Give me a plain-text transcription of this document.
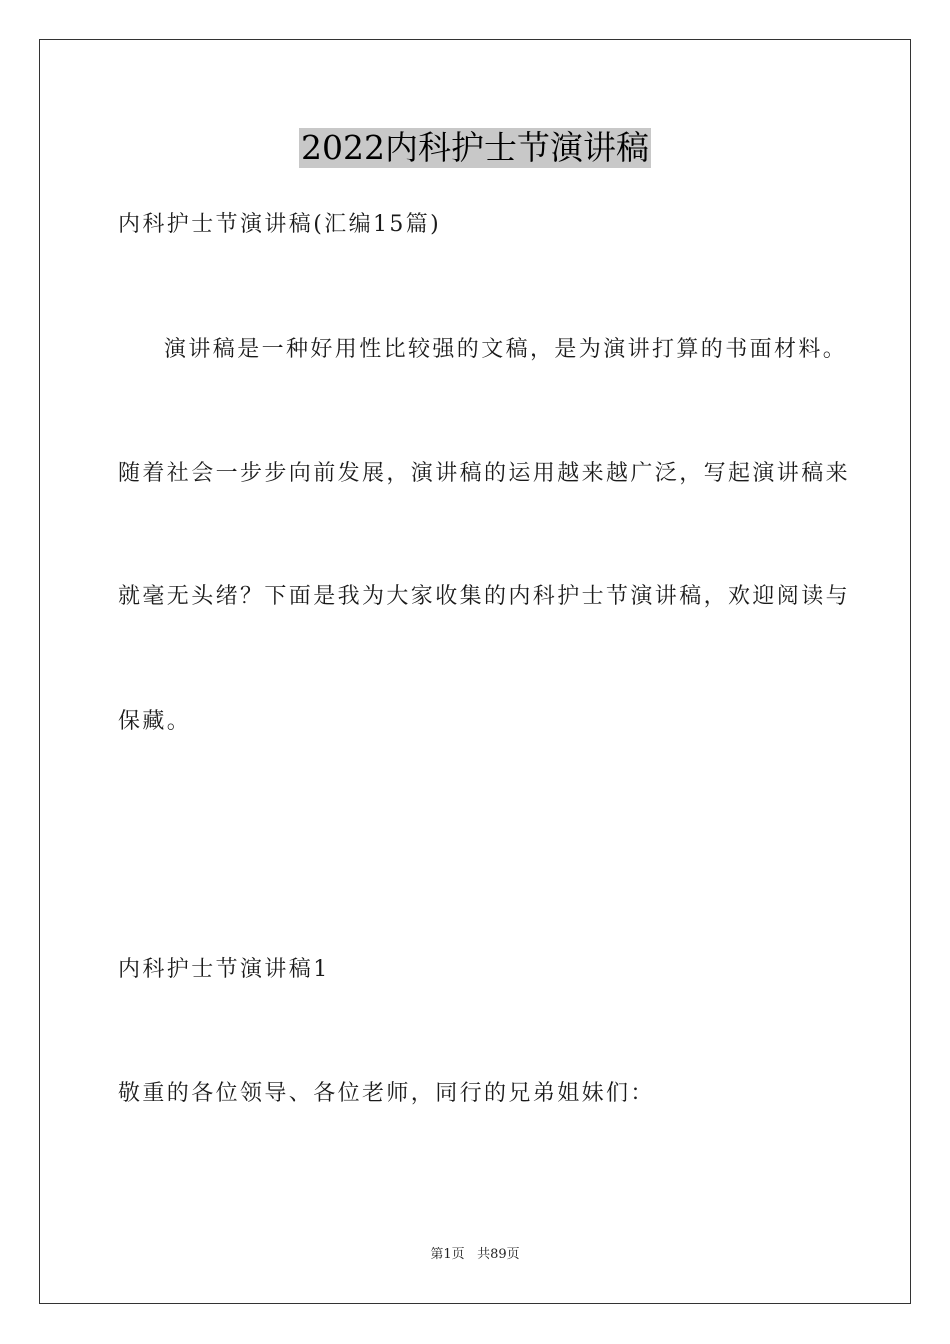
2022内科护士节演讲稿
内科护士节演讲稿(汇编15篇)
演讲稿是一种好用性比较强的文稿，是为演讲打算的书面材料。
随着社会一步步向前发展，演讲稿的运用越来越广泛，写起演讲稿来
就毫无头绪？下面是我为大家收集的内科护士节演讲稿，欢迎阅读与
保藏。
内科护士节演讲稿1
敬重的各位领导、各位老师，同行的兄弟姐妹们：
第1页 共89页
